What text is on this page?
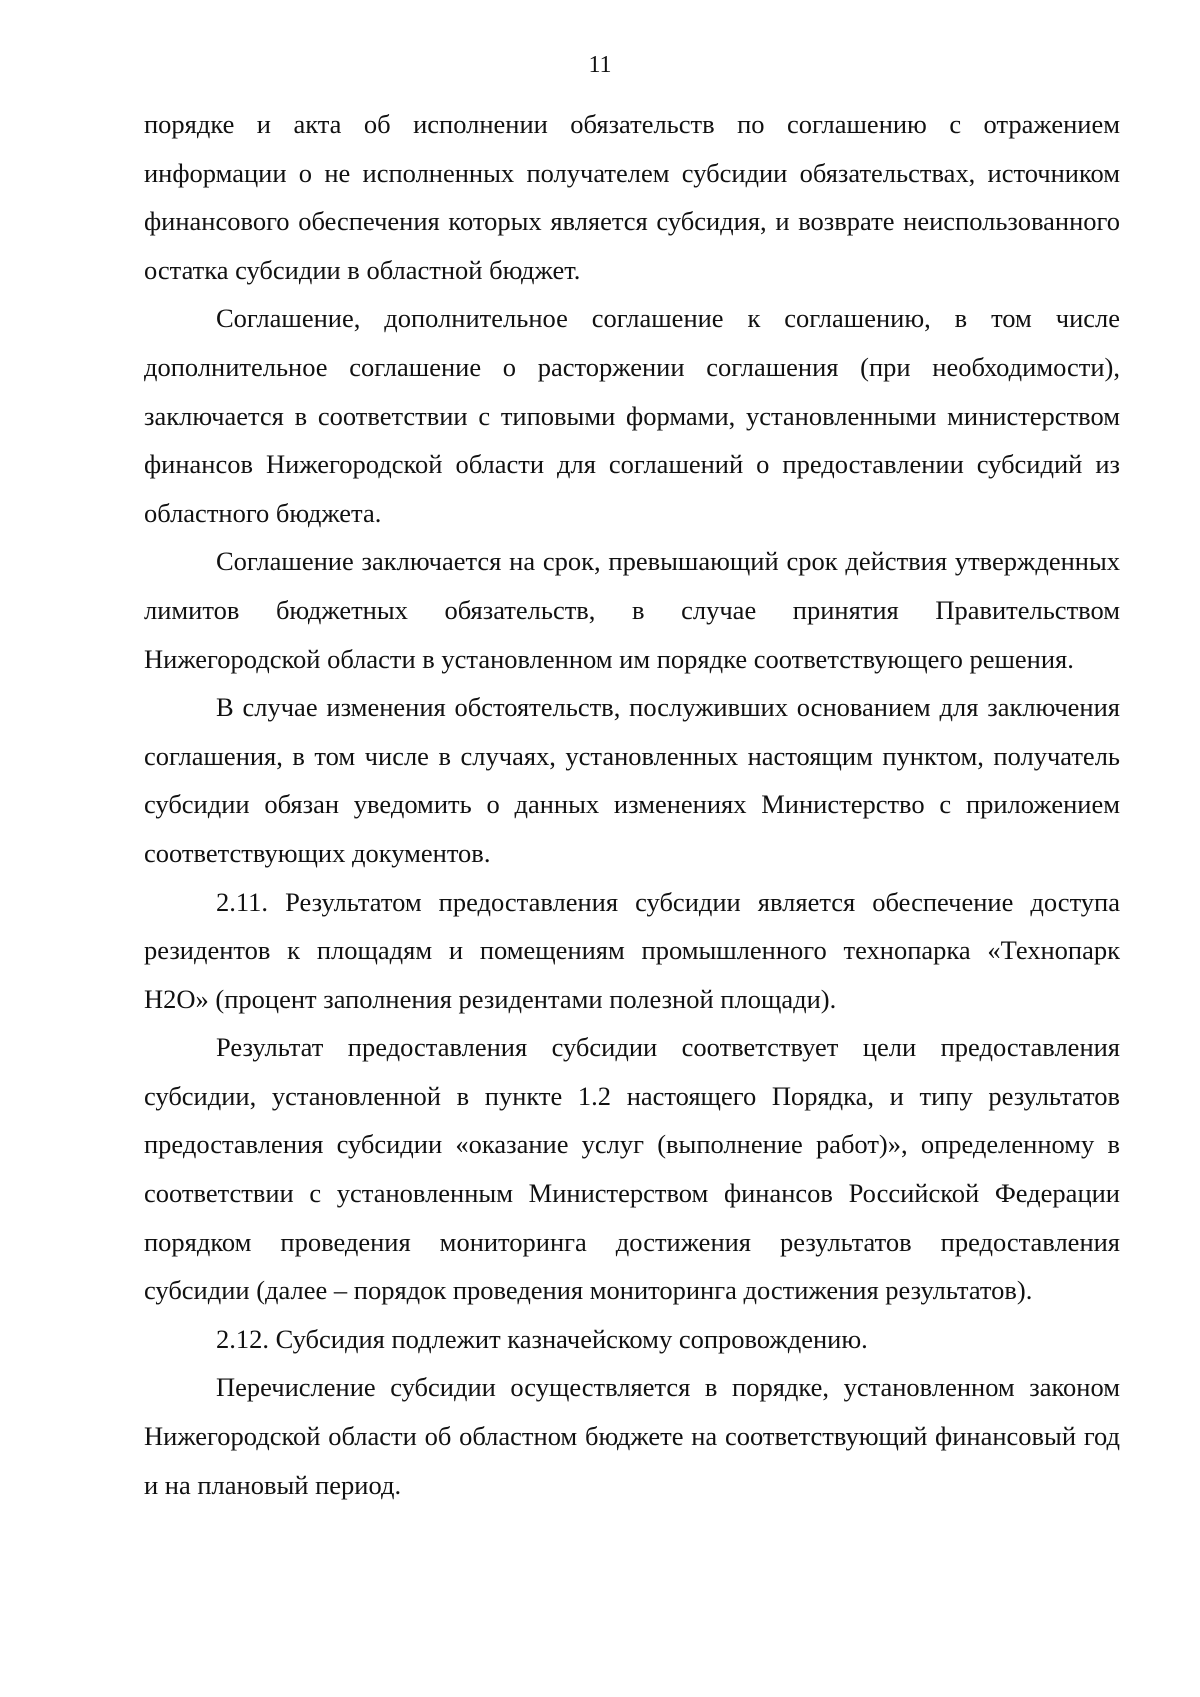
11

порядке и акта об исполнении обязательств по соглашению с отражением информации о не исполненных получателем субсидии обязательствах, источником финансового обеспечения которых является субсидия, и возврате неиспользованного остатка субсидии в областной бюджет.

Соглашение, дополнительное соглашение к соглашению, в том числе дополнительное соглашение о расторжении соглашения (при необходимости), заключается в соответствии с типовыми формами, установленными министерством финансов Нижегородской области для соглашений о предоставлении субсидий из областного бюджета.

Соглашение заключается на срок, превышающий срок действия утвержденных лимитов бюджетных обязательств, в случае принятия Правительством Нижегородской области в установленном им порядке соответствующего решения.

В случае изменения обстоятельств, послуживших основанием для заключения соглашения, в том числе в случаях, установленных настоящим пунктом, получатель субсидии обязан уведомить о данных изменениях Министерство с приложением соответствующих документов.

2.11. Результатом предоставления субсидии является обеспечение доступа резидентов к площадям и помещениям промышленного технопарка «Технопарк Н2О» (процент заполнения резидентами полезной площади).

Результат предоставления субсидии соответствует цели предоставления субсидии, установленной в пункте 1.2 настоящего Порядка, и типу результатов предоставления субсидии «оказание услуг (выполнение работ)», определенному в соответствии с установленным Министерством финансов Российской Федерации порядком проведения мониторинга достижения результатов предоставления субсидии (далее – порядок проведения мониторинга достижения результатов).

2.12. Субсидия подлежит казначейскому сопровождению.

Перечисление субсидии осуществляется в порядке, установленном законом Нижегородской области об областном бюджете на соответствующий финансовый год и на плановый период.
